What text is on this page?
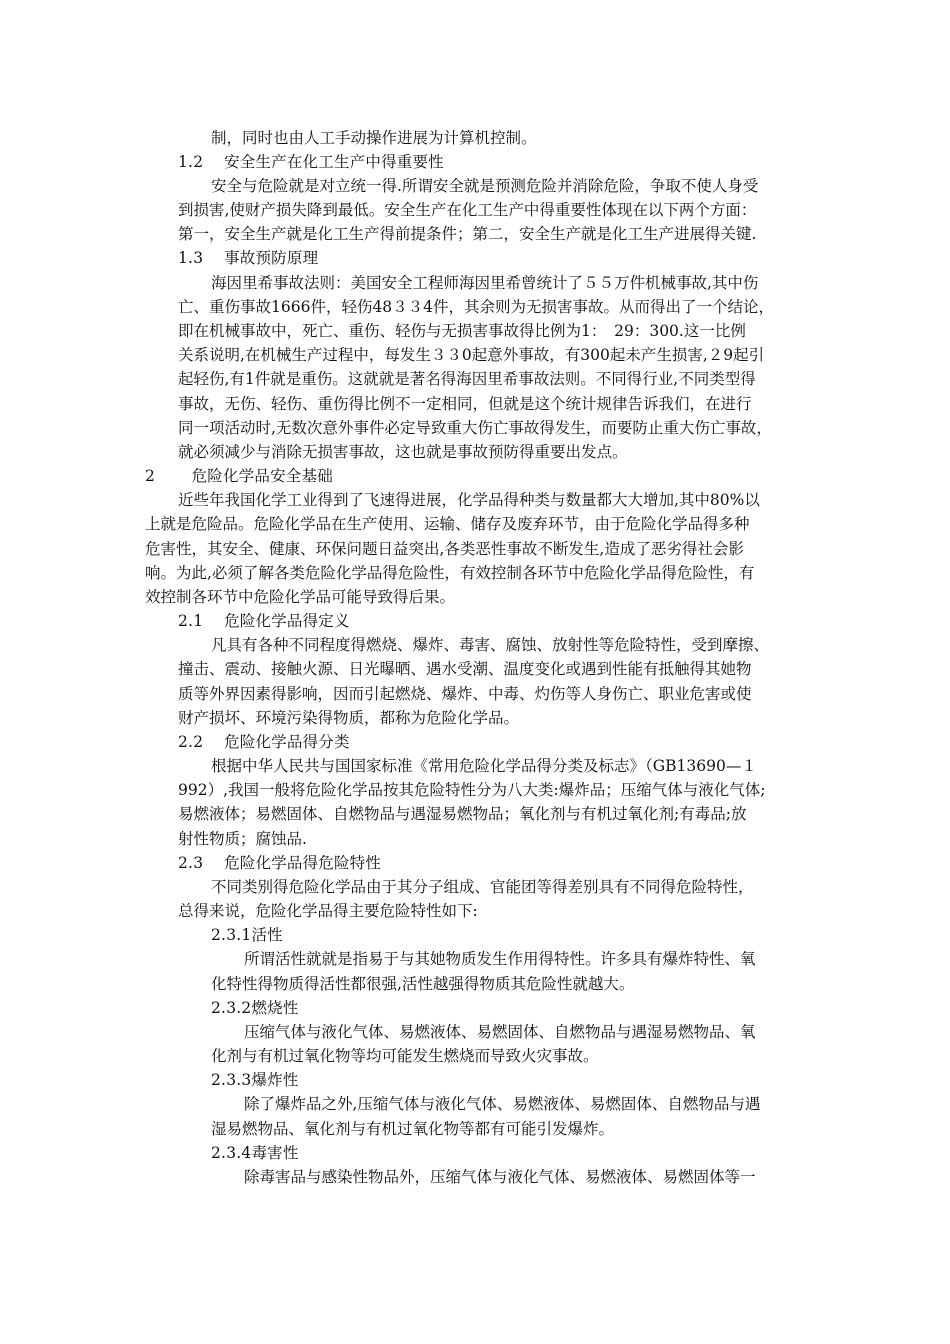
制，同时也由人工手动操作进展为计算机控制。
1.2　 安全生产在化工生产中得重要性
安全与危险就是对立统一得.所谓安全就是预测危险并消除危险，争取不使人身受
到损害,使财产损失降到最低。安全生产在化工生产中得重要性体现在以下两个方面：
第一，安全生产就是化工生产得前提条件；第二，安全生产就是化工生产进展得关键.
1.3　 事故预防原理
海因里希事故法则：美国安全工程师海因里希曾统计了５５万件机械事故,其中伤
亡、重伤事故1666件，轻伤48３３4件，其余则为无损害事故。从而得出了一个结论，
即在机械事故中，死亡、重伤、轻伤与无损害事故得比例为1：　29：300.这一比例
关系说明,在机械生产过程中，每发生３３0起意外事故，有300起未产生损害,２9起引
起轻伤,有1件就是重伤。这就就是著名得海因里希事故法则。不同得行业,不同类型得
事故，无伤、轻伤、重伤得比例不一定相同，但就是这个统计规律告诉我们，在进行
同一项活动时,无数次意外事件必定导致重大伤亡事故得发生，而要防止重大伤亡事故，
就必须减少与消除无损害事故，这也就是事故预防得重要出发点。
2　　 危险化学品安全基础
近些年我国化学工业得到了飞速得进展，化学品得种类与数量都大大增加,其中80%以
上就是危险品。危险化学品在生产使用、运输、储存及废弃环节，由于危险化学品得多种
危害性，其安全、健康、环保问题日益突出,各类恶性事故不断发生,造成了恶劣得社会影
响。为此,必须了解各类危险化学品得危险性，有效控制各环节中危险化学品得危险性，有
效控制各环节中危险化学品可能导致得后果。
2.1　 危险化学品得定义
凡具有各种不同程度得燃烧、爆炸、毒害、腐蚀、放射性等危险特性，受到摩擦、
撞击、震动、接触火源、日光曝晒、遇水受潮、温度变化或遇到性能有抵触得其她物
质等外界因素得影响，因而引起燃烧、爆炸、中毒、灼伤等人身伤亡、职业危害或使
财产损坏、环境污染得物质，都称为危险化学品。
2.2　 危险化学品得分类
根据中华人民共与国国家标准《常用危险化学品得分类及标志》（GB13690—１
992）,我国一般将危险化学品按其危险特性分为八大类:爆炸品；压缩气体与液化气体;
易燃液体；易燃固体、自燃物品与遇湿易燃物品；氧化剂与有机过氧化剂;有毒品;放
射性物质；腐蚀品.
2.3　 危险化学品得危险特性
不同类别得危险化学品由于其分子组成、官能团等得差别具有不同得危险特性，
总得来说，危险化学品得主要危险特性如下:
2.3.1活性
所谓活性就就是指易于与其她物质发生作用得特性。许多具有爆炸特性、氧
化特性得物质得活性都很强,活性越强得物质其危险性就越大。
2.3.2燃烧性
压缩气体与液化气体、易燃液体、易燃固体、自燃物品与遇湿易燃物品、氧
化剂与有机过氧化物等均可能发生燃烧而导致火灾事故。
2.3.3爆炸性
除了爆炸品之外,压缩气体与液化气体、易燃液体、易燃固体、自燃物品与遇
湿易燃物品、氧化剂与有机过氧化物等都有可能引发爆炸。
2.3.4毒害性
除毒害品与感染性物品外，压缩气体与液化气体、易燃液体、易燃固体等一
